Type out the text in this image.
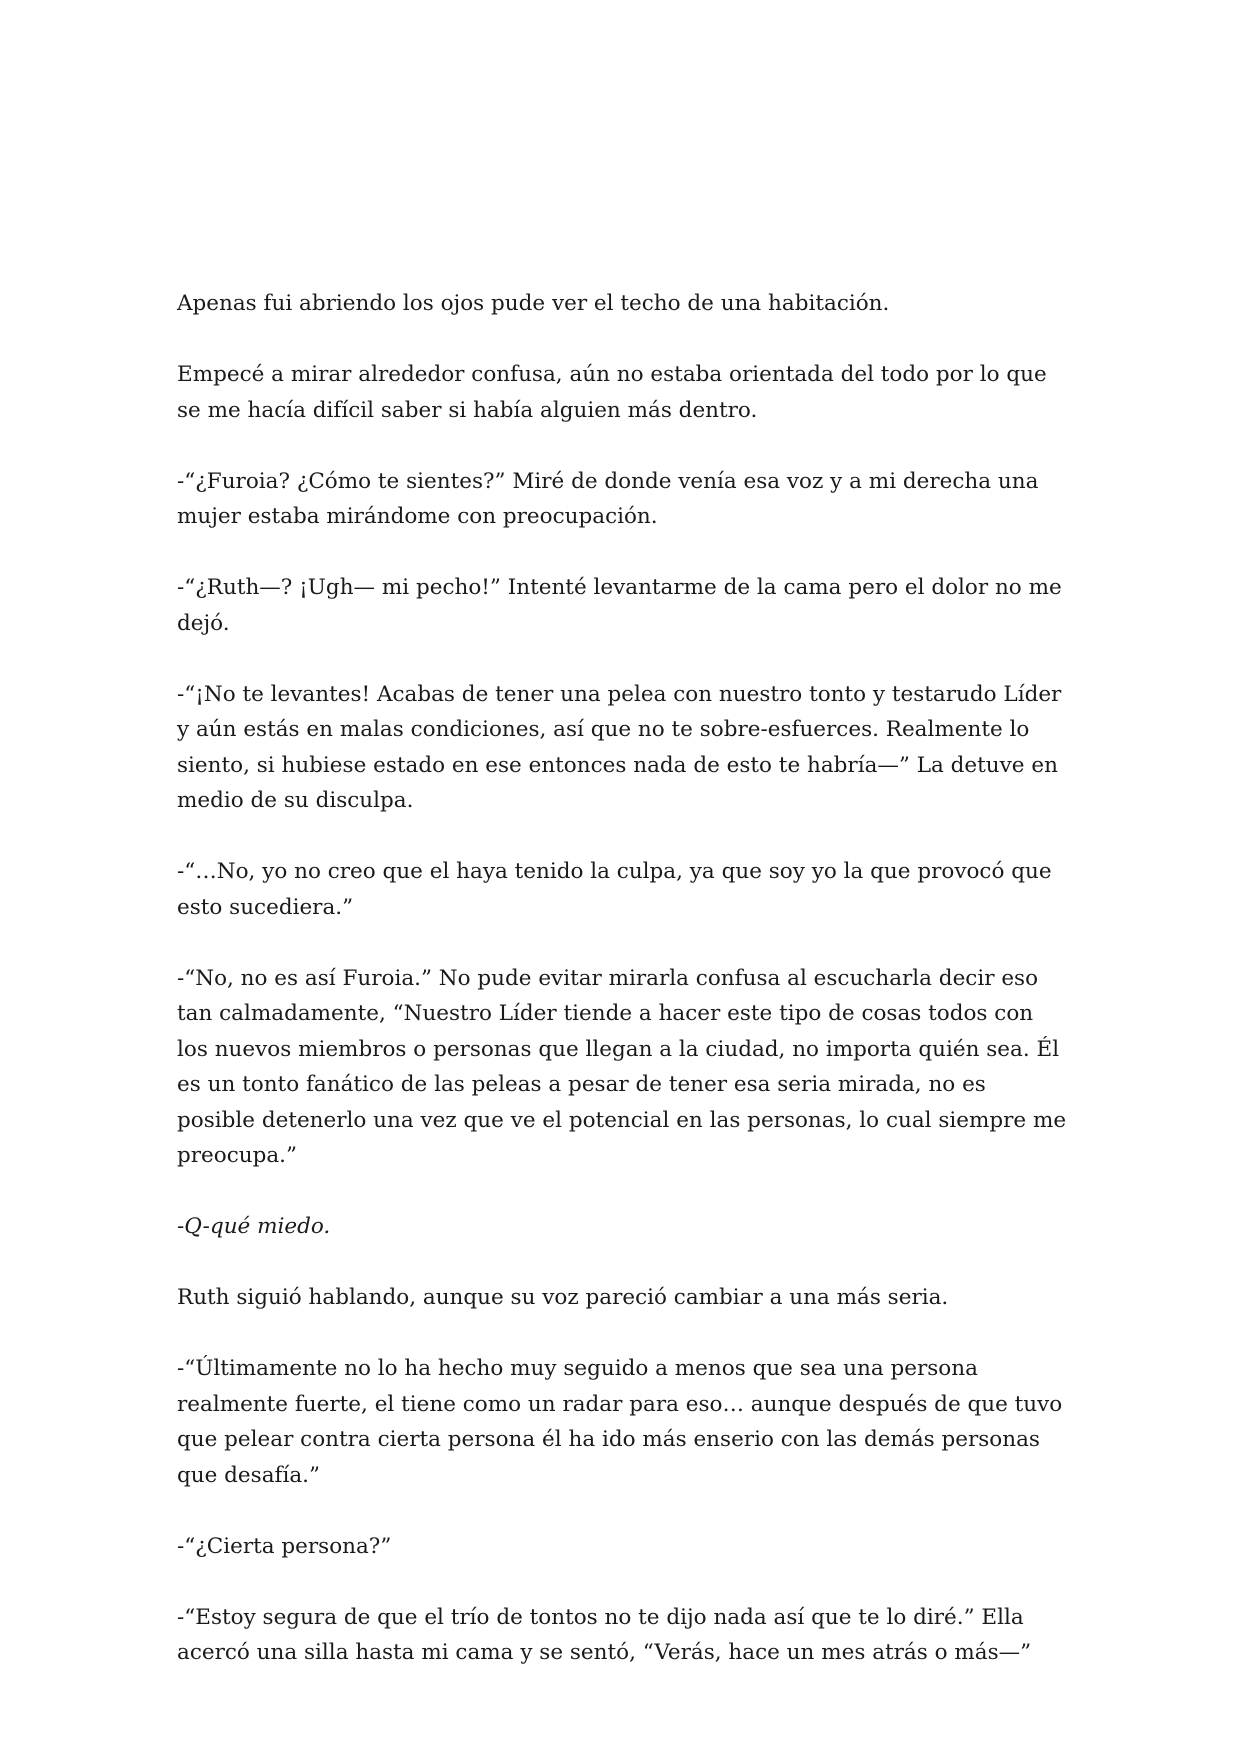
Apenas fui abriendo los ojos pude ver el techo de una habitación.

Empecé a mirar alrededor confusa, aún no estaba orientada del todo por lo que se me hacía difícil saber si había alguien más dentro.

-“¿Furoia? ¿Cómo te sientes?” Miré de donde venía esa voz y a mi derecha una mujer estaba mirándome con preocupación.

-“¿Ruth—? ¡Ugh— mi pecho!” Intenté levantarme de la cama pero el dolor no me dejó.

-“¡No te levantes! Acabas de tener una pelea con nuestro tonto y testarudo Líder y aún estás en malas condiciones, así que no te sobre-esfuerces. Realmente lo siento, si hubiese estado en ese entonces nada de esto te habría—” La detuve en medio de su disculpa.

-“…No, yo no creo que el haya tenido la culpa, ya que soy yo la que provocó que esto sucediera.”

-“No, no es así Furoia.” No pude evitar mirarla confusa al escucharla decir eso tan calmadamente, “Nuestro Líder tiende a hacer este tipo de cosas todos con los nuevos miembros o personas que llegan a la ciudad, no importa quién sea. Él es un tonto fanático de las peleas a pesar de tener esa seria mirada, no es posible detenerlo una vez que ve el potencial en las personas, lo cual siempre me preocupa.”

-Q-qué miedo.

Ruth siguió hablando, aunque su voz pareció cambiar a una más seria.

-“Últimamente no lo ha hecho muy seguido a menos que sea una persona realmente fuerte, el tiene como un radar para eso… aunque después de que tuvo que pelear contra cierta persona él ha ido más enserio con las demás personas que desafía.”

-“¿Cierta persona?”

-“Estoy segura de que el trío de tontos no te dijo nada así que te lo diré.” Ella acercó una silla hasta mi cama y se sentó, “Verás, hace un mes atrás o más—”
